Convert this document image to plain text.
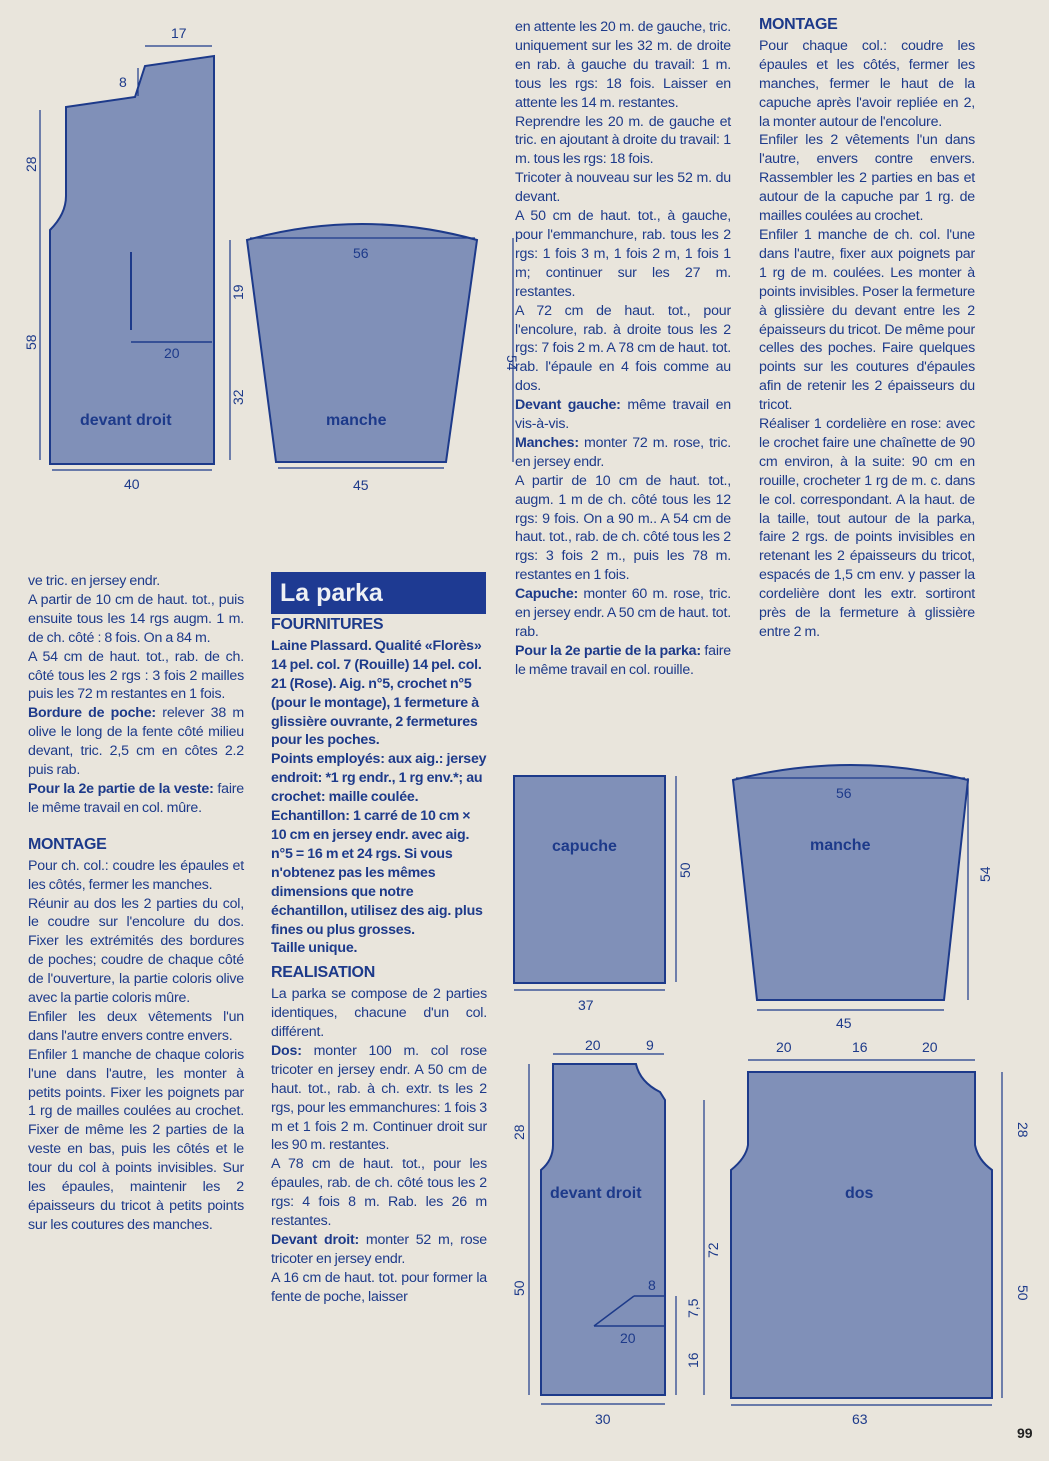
17
8
28
58
20
40
devant droit
56
19
32
54
45
manche
50
37
capuche
56
54
45
manche
20	9
28
72
50	8
7,5
20
16
30
devant droit
20	16	20
28
50
63
dos

ve tric. en jersey endr.

A partir de 10 cm de haut. tot., puis ensuite tous les 14 rgs augm. 1 m. de ch. côté : 8 fois. On a 84 m.

A 54 cm de haut. tot., rab. de ch. côté tous les 2 rgs : 3 fois 2 mailles puis les 72 m restantes en 1 fois.

Bordure de poche: relever 38 m olive le long de la fente côté milieu devant, tric. 2,5 cm en côtes 2.2 puis rab.

Pour la 2e partie de la veste: faire le même travail en col. mûre.

MONTAGE

Pour ch. col.: coudre les épaules et les côtés, fermer les manches.

Réunir au dos les 2 parties du col, le coudre sur l'encolure du dos. Fixer les extrémités des bordures de poches; coudre de chaque côté de l'ouverture, la partie coloris olive avec la partie coloris mûre.

Enfiler les deux vêtements l'un dans l'autre envers contre envers.

Enfiler 1 manche de chaque coloris l'une dans l'autre, les monter à petits points. Fixer les poignets par 1 rg de mailles coulées au crochet. Fixer de même les 2 parties de la veste en bas, puis les côtés et le tour du col à points invisibles. Sur les épaules, maintenir les 2 épaisseurs du tricot à petits points sur les coutures des manches.

La parka
FOURNITURES

Laine Plassard. Qualité «Florès» 14 pel. col. 7 (Rouille) 14 pel. col. 21 (Rose). Aig. n°5, crochet n°5 (pour le montage), 1 fermeture à glissière ouvrante, 2 fermetures pour les poches.

Points employés: aux aig.: jersey endroit: *1 rg endr., 1 rg env.*; au crochet: maille coulée.

Echantillon: 1 carré de 10 cm × 10 cm en jersey endr. avec aig. n°5 = 16 m et 24 rgs. Si vous n'obtenez pas les mêmes dimensions que notre échantillon, utilisez des aig. plus fines ou plus grosses.

Taille unique.

REALISATION

La parka se compose de 2 parties identiques, chacune d'un col. différent.

Dos: monter 100 m. col rose tricoter en jersey endr. A 50 cm de haut. tot., rab. à ch. extr. ts les 2 rgs, pour les emmanchures: 1 fois 3 m et 1 fois 2 m. Continuer droit sur les 90 m. restantes.

A 78 cm de haut. tot., pour les épaules, rab. de ch. côté tous les 2 rgs: 4 fois 8 m. Rab. les 26 m restantes.

Devant droit: monter 52 m, rose tricoter en jersey endr.

A 16 cm de haut. tot. pour former la fente de poche, laisser

en attente les 20 m. de gauche, tric. uniquement sur les 32 m. de droite en rab. à gauche du travail: 1 m. tous les rgs: 18 fois. Laisser en attente les 14 m. restantes.

Reprendre les 20 m. de gauche et tric. en ajoutant à droite du travail: 1 m. tous les rgs: 18 fois.

Tricoter à nouveau sur les 52 m. du devant.

A 50 cm de haut. tot., à gauche, pour l'emmanchure, rab. tous les 2 rgs: 1 fois 3 m, 1 fois 2 m, 1 fois 1 m; continuer sur les 27 m. restantes.

A 72 cm de haut. tot., pour l'encolure, rab. à droite tous les 2 rgs: 7 fois 2 m. A 78 cm de haut. tot. rab. l'épaule en 4 fois comme au dos.

Devant gauche: même travail en vis-à-vis.

Manches: monter 72 m. rose, tric. en jersey endr.

A partir de 10 cm de haut. tot., augm. 1 m de ch. côté tous les 12 rgs: 9 fois. On a 90 m.. A 54 cm de haut. tot., rab. de ch. côté tous les 2 rgs: 3 fois 2 m., puis les 78 m. restantes en 1 fois.

Capuche: monter 60 m. rose, tric. en jersey endr. A 50 cm de haut. tot. rab.

Pour la 2e partie de la parka: faire le même travail en col. rouille.

MONTAGE

Pour chaque col.: coudre les épaules et les côtés, fermer les manches, fermer le haut de la capuche après l'avoir repliée en 2, la monter autour de l'encolure.

Enfiler les 2 vêtements l'un dans l'autre, envers contre envers. Rassembler les 2 parties en bas et autour de la capuche par 1 rg. de mailles coulées au crochet.

Enfiler 1 manche de ch. col. l'une dans l'autre, fixer aux poignets par 1 rg de m. coulées. Les monter à points invisibles. Poser la fermeture à glissière du devant entre les 2 épaisseurs du tricot. De même pour celles des poches. Faire quelques points sur les coutures d'épaules afin de retenir les 2 épaisseurs du tricot.

Réaliser 1 cordelière en rose: avec le crochet faire une chaînette de 90 cm environ, à la suite: 90 cm en rouille, crocheter 1 rg de m. c. dans le col. correspondant. A la haut. de la taille, tout autour de la parka, faire 2 rgs. de points invisibles en retenant les 2 épaisseurs du tricot, espacés de 1,5 cm env. y passer la cordelière dont les extr. sortiront près de la fermeture à glissière entre 2 m.

99
